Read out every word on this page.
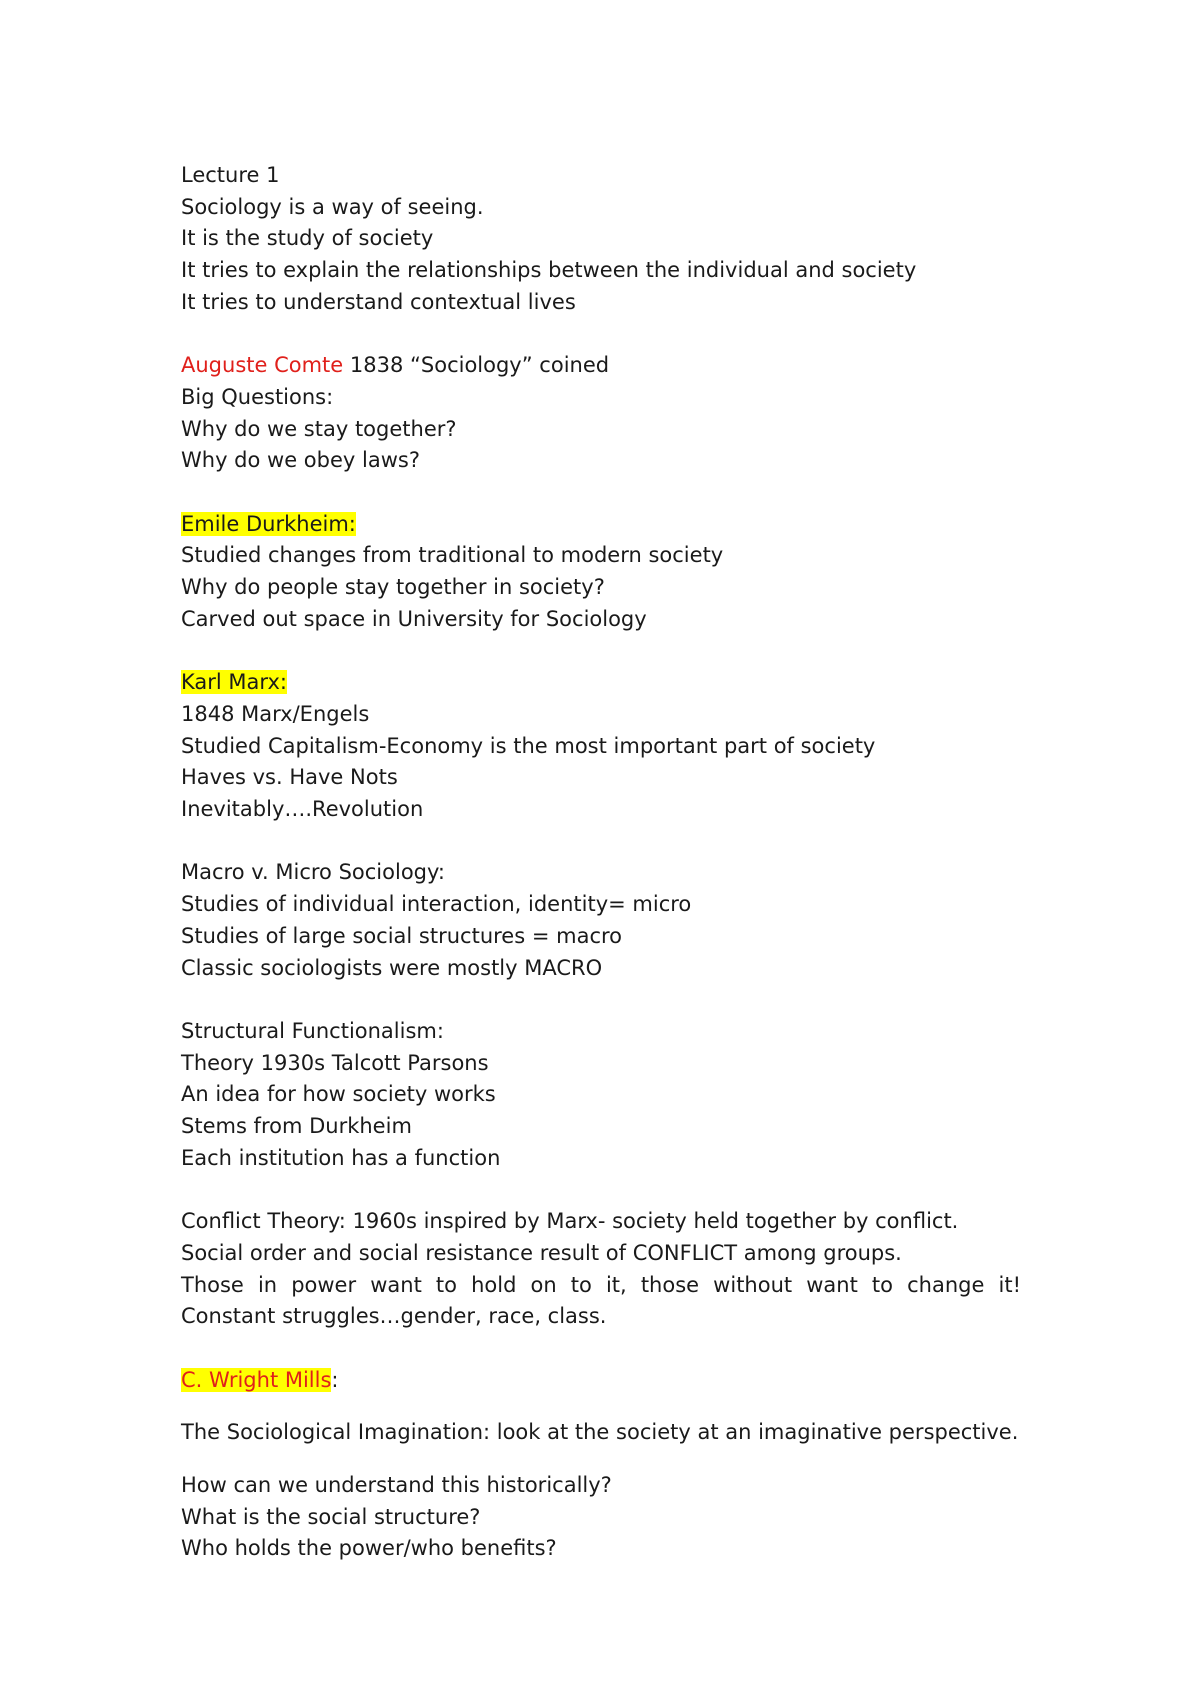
Lecture 1

Sociology is a way of seeing.

It is the study of society

It tries to explain the relationships between the individual and society

It tries to understand contextual lives

Auguste Comte 1838 “Sociology” coined

Big Questions:

Why do we stay together?

Why do we obey laws?

Emile Durkheim:

Studied changes from traditional to modern society

Why do people stay together in society?

Carved out space in University for Sociology

Karl Marx:

1848 Marx/Engels

Studied Capitalism-Economy is the most important part of society

Haves vs. Have Nots

Inevitably….Revolution

Macro v. Micro Sociology:

Studies of individual interaction, identity= micro

Studies of large social structures = macro

Classic sociologists were mostly MACRO

Structural Functionalism:

Theory 1930s Talcott Parsons

An idea for how society works

Stems from Durkheim

Each institution has a function

Conflict Theory: 1960s inspired by Marx- society held together by conflict.

Social order and social resistance result of CONFLICT among groups.

Those in power want to hold on to it, those without want to change it!

Constant struggles…gender, race, class.

C. Wright Mills:

The Sociological Imagination: look at the society at an imaginative perspective.

How can we understand this historically?

What is the social structure?

Who holds the power/who benefits?
